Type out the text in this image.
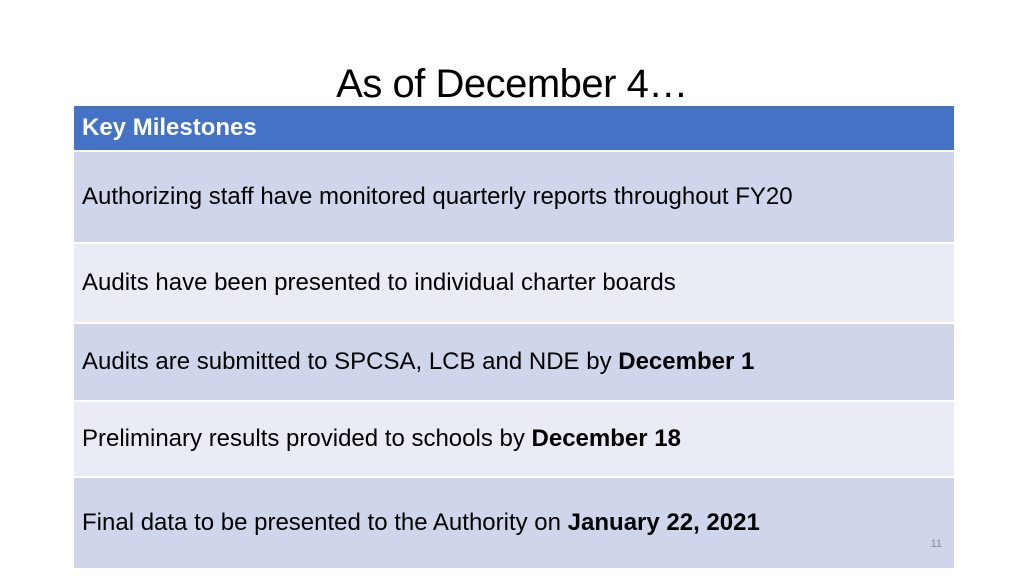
As of December 4…
Key Milestones
Authorizing staff have monitored quarterly reports throughout FY20
Audits have been presented to individual charter boards
Audits are submitted to SPCSA, LCB and NDE by December 1
Preliminary results provided to schools by December 18
Final data to be presented to the Authority on January 22, 2021
11
